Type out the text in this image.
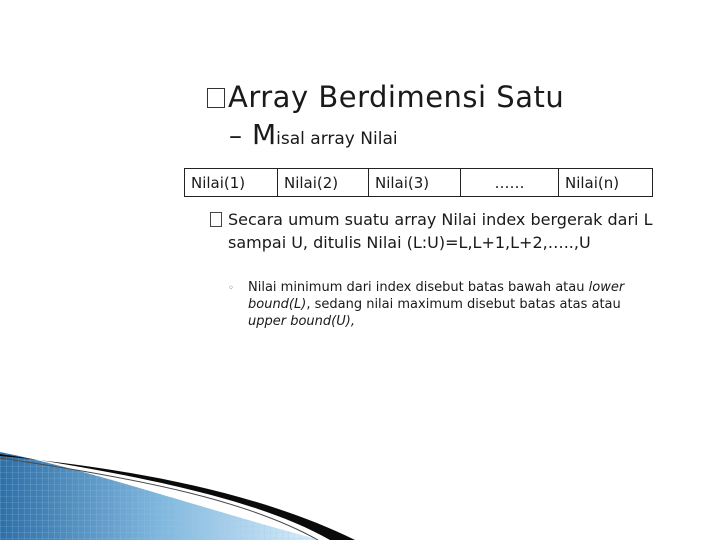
Array Berdimensi Satu
– Misal array Nilai
Nilai(1)	Nilai(2)	Nilai(3)	……	Nilai(n)
Secara umum suatu array Nilai index bergerak dari L sampai U, ditulis Nilai (L:U)=L,L+1,L+2,…..,U
◦ Nilai minimum dari index disebut batas bawah atau lower bound(L), sedang nilai maximum disebut batas atas atau upper bound(U),
